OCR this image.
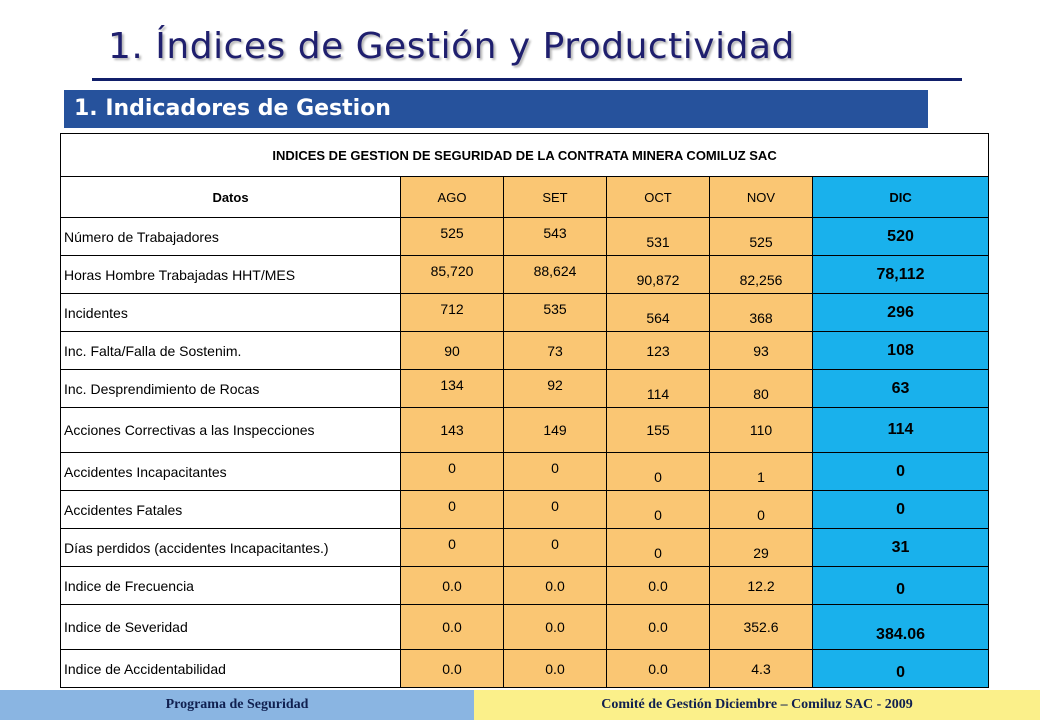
1. Índices de Gestión y Productividad
1. Indicadores de Gestion
INDICES DE GESTION DE SEGURIDAD DE LA CONTRATA MINERA COMILUZ SAC					
Datos	AGO	SET	OCT	NOV	DIC
Número de Trabajadores	525	543	531	525	520
Horas Hombre Trabajadas HHT/MES	85,720	88,624	90,872	82,256	78,112
Incidentes	712	535	564	368	296
Inc. Falta/Falla de Sostenim.	90	73	123	93	108
Inc. Desprendimiento de Rocas	134	92	114	80	63
Acciones Correctivas a las Inspecciones	143	149	155	110	114
Accidentes Incapacitantes	0	0	0	1	0
Accidentes Fatales	0	0	0	0	0
Días perdidos (accidentes Incapacitantes.)	0	0	0	29	31
Indice de Frecuencia	0.0	0.0	0.0	12.2	0
Indice de Severidad	0.0	0.0	0.0	352.6	384.06
Indice de Accidentabilidad	0.0	0.0	0.0	4.3	0
Programa de Seguridad	Comité de Gestión Diciembre – Comiluz SAC - 2009
